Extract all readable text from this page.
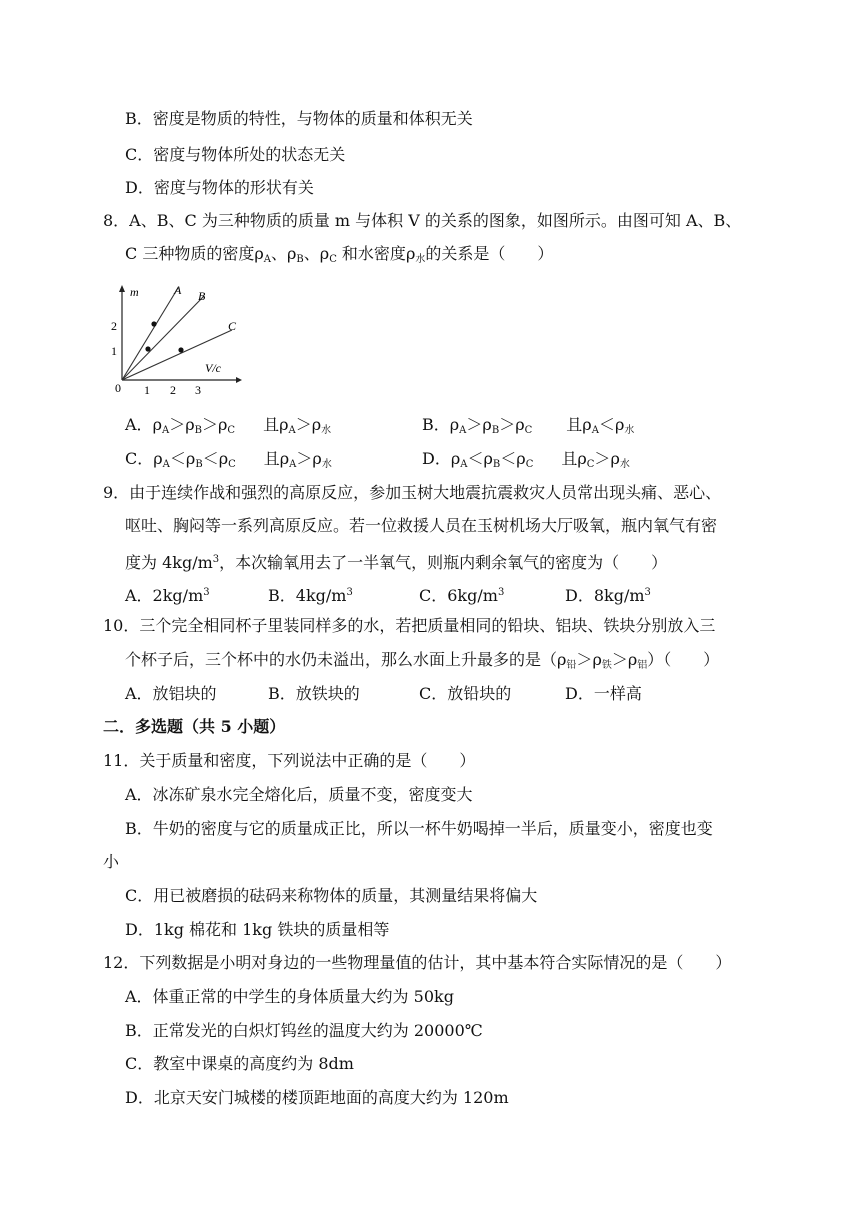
B．密度是物质的特性，与物体的质量和体积无关
C．密度与物体所处的状态无关
D．密度与物体的形状有关
8．A、B、C 为三种物质的质量 m 与体积 V 的关系的图象，如图所示。由图可知 A、B、
C 三种物质的密度$\rho_A$、$\rho_B$、$\rho_C$ 和水密度$\rho_水$的关系是（　　）
m	A B
C
V/c
2
1
0 1 2 3
A．$\rho_A>\rho_B>\rho_C$ 且$\rho_A>\rho_水$	B．$\rho_A>\rho_B>\rho_C$ 且$\rho_A<\rho_水$
C．$\rho_A<\rho_B<\rho_C$ 且$\rho_A>\rho_水$	D．$\rho_A<\rho_B<\rho_C$ 且$\rho_C>\rho_水$
9．由于连续作战和强烈的高原反应，参加玉树大地震抗震救灾人员常出现头痛、恶心、
呕吐、胸闷等一系列高原反应。若一位救援人员在玉树机场大厅吸氧，瓶内氧气有密
度为 $4kg/m^3$，本次输氧用去了一半氧气，则瓶内剩余氧气的密度为（　　）
A．$2kg/m^3$	B．$4kg/m^3$	C．$6kg/m^3$	D．$8kg/m^3$
10．三个完全相同杯子里装同样多的水，若把质量相同的铅块、铝块、铁块分别放入三
个杯子后，三个杯中的水仍未溢出，那么水面上升最多的是$(\rho_铅>\rho_铁>\rho_铝)$（　　）
A．放铝块的	B．放铁块的	C．放铅块的	D．一样高
二．多选题（共 5 小题）
11．关于质量和密度，下列说法中正确的是（　　）
A．冰冻矿泉水完全熔化后，质量不变，密度变大
B．牛奶的密度与它的质量成正比，所以一杯牛奶喝掉一半后，质量变小，密度也变
小
C．用已被磨损的砝码来称物体的质量，其测量结果将偏大
D．1kg 棉花和 1kg 铁块的质量相等
12．下列数据是小明对身边的一些物理量值的估计，其中基本符合实际情况的是（　　）
A．体重正常的中学生的身体质量大约为 50kg
B．正常发光的白炽灯钨丝的温度大约为 20000℃
C．教室中课桌的高度约为 8dm
D．北京天安门城楼的楼顶距地面的高度大约为 120m
